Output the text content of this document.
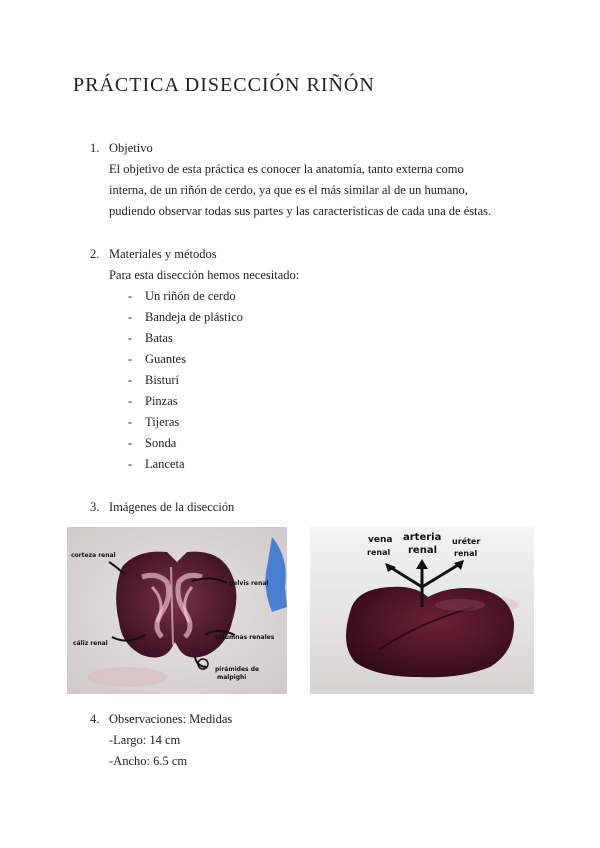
PRÁCTICA DISECCIÓN RIÑÓN
1. Objetivo
El objetivo de esta práctica es conocer la anatomía, tanto externa como
interna, de un riñón de cerdo, ya que es el más similar al de un humano,
pudiendo observar todas sus partes y las características de cada una de éstas.
2. Materiales y métodos
Para esta disección hemos necesitado:
- Un riñón de cerdo
- Bandeja de plástico
- Batas
- Guantes
- Bisturí
- Pinzas
- Tijeras
- Sonda
- Lanceta
3. Imágenes de la disección
corteza renal
pelvis renal
cáliz renal
columnas renales
pirámides de
malpighi
vena
renal
arteria
renal
uréter
renal
4. Observaciones: Medidas
-Largo: 14 cm
-Ancho: 6.5 cm
